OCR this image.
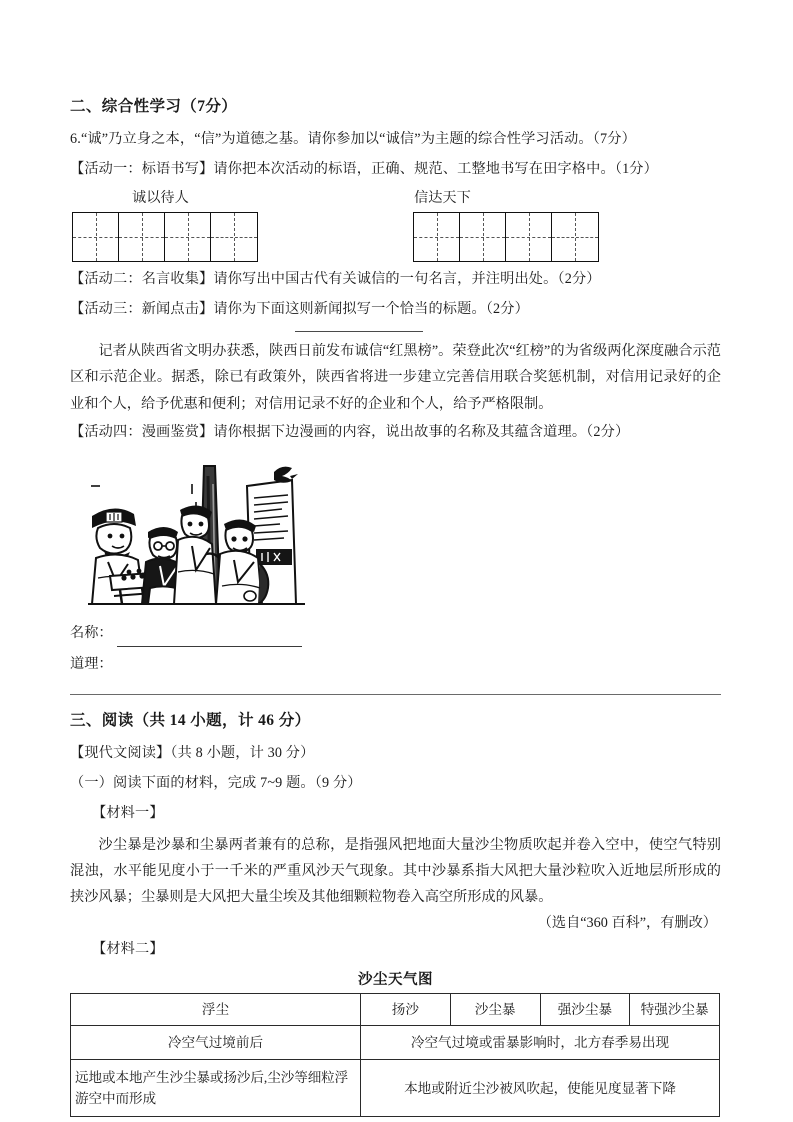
二、综合性学习（7分）

6.“诚”乃立身之本，“信”为道德之基。请你参加以“诚信”为主题的综合性学习活动。（7分）

【活动一：标语书写】请你把本次活动的标语，正确、规范、工整地书写在田字格中。（1分）

诚以待人	信达天下

【活动二：名言收集】请你写出中国古代有关诚信的一句名言，并注明出处。（2分）

【活动三：新闻点击】请你为下面这则新闻拟写一个恰当的标题。（2分）

记者从陕西省文明办获悉，陕西日前发布诚信“红黑榜”。荣登此次“红榜”的为省级两化深度融合示范区和示范企业。据悉，除已有政策外，陕西省将进一步建立完善信用联合奖惩机制，对信用记录好的企业和个人，给予优惠和便利；对信用记录不好的企业和个人，给予严格限制。

【活动四：漫画鉴赏】请你根据下边漫画的内容，说出故事的名称及其蕴含道理。（2分）

名称：
道理：
三、阅读（共 14 小题，计 46 分）

【现代文阅读】（共 8 小题，计 30 分）

（一）阅读下面的材料，完成 7~9 题。（9 分）

【材料一】

沙尘暴是沙暴和尘暴两者兼有的总称，是指强风把地面大量沙尘物质吹起并卷入空中，使空气特别混浊，水平能见度小于一千米的严重风沙天气现象。其中沙暴系指大风把大量沙粒吹入近地层所形成的挟沙风暴；尘暴则是大风把大量尘埃及其他细颗粒物卷入高空所形成的风暴。

（选自“360 百科”，有删改）

【材料二】

沙尘天气图
浮尘	扬沙	沙尘暴	强沙尘暴	特强沙尘暴
冷空气过境前后	冷空气过境或雷暴影响时，北方春季易出现			
远地或本地产生沙尘暴或扬沙后,尘沙等细粒浮游空中而形成	本地或附近尘沙被风吹起，使能见度显著下降			
